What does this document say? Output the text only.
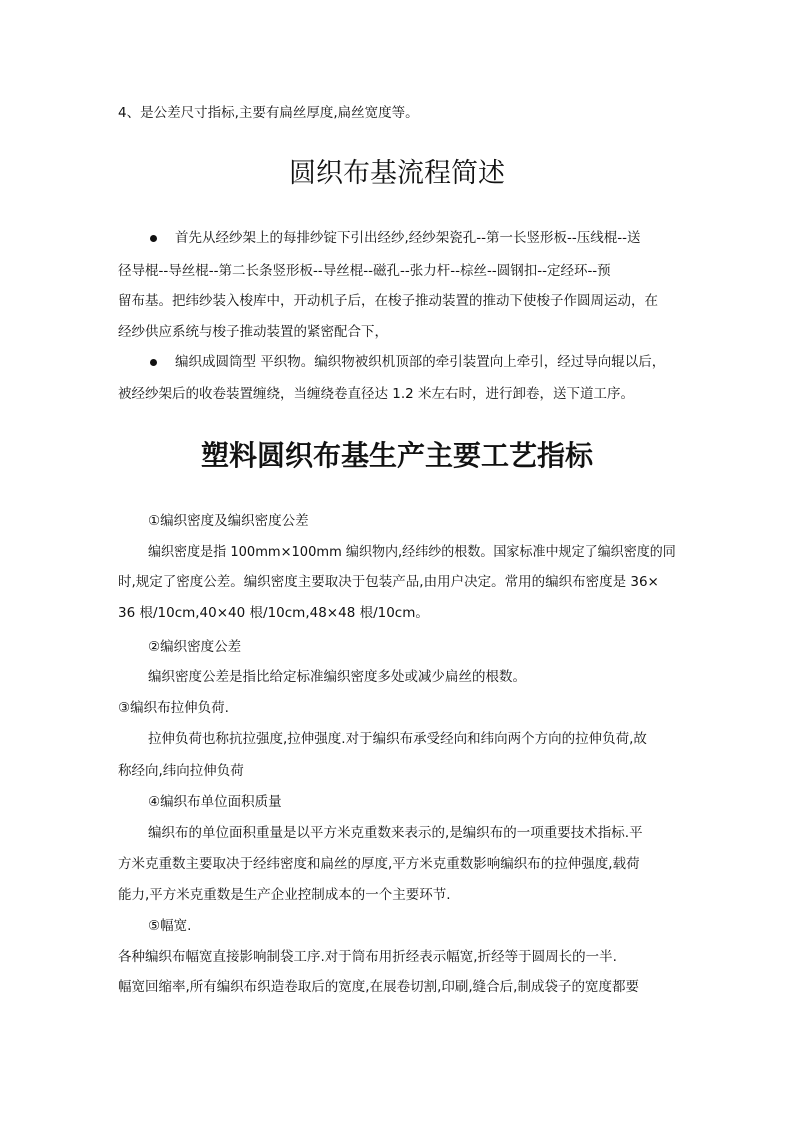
4、是公差尺寸指标,主要有扁丝厚度,扁丝宽度等。
圆织布基流程简述
首先从经纱架上的每排纱锭下引出经纱,经纱架瓷孔--第一长竖形板--压线棍--送
径导棍--导丝棍--第二长条竖形板--导丝棍--磁孔--张力杆--棕丝--圆钢扣--定经环--预
留布基。把纬纱装入梭库中，开动机子后，在梭子推动装置的推动下使梭子作圆周运动，在
经纱供应系统与梭子推动装置的紧密配合下，
编织成圆筒型 平织物。编织物被织机顶部的牵引装置向上牵引，经过导向辊以后，
被经纱架后的收卷装置缠绕，当缠绕卷直径达 1.2 米左右时，进行卸卷，送下道工序。
塑料圆织布基生产主要工艺指标
①编织密度及编织密度公差
编织密度是指 100mm×100mm 编织物内,经纬纱的根数。国家标准中规定了编织密度的同
时,规定了密度公差。编织密度主要取决于包装产品,由用户决定。常用的编织布密度是 36×
36 根/10cm,40×40 根/10cm,48×48 根/10cm。
②编织密度公差
编织密度公差是指比给定标准编织密度多处或减少扁丝的根数。
③编织布拉伸负荷.
拉伸负荷也称抗拉强度,拉伸强度.对于编织布承受经向和纬向两个方向的拉伸负荷,故
称经向,纬向拉伸负荷
④编织布单位面积质量
编织布的单位面积重量是以平方米克重数来表示的,是编织布的一项重要技术指标.平
方米克重数主要取决于经纬密度和扁丝的厚度,平方米克重数影响编织布的拉伸强度,载荷
能力,平方米克重数是生产企业控制成本的一个主要环节.
⑤幅宽.
各种编织布幅宽直接影响制袋工序.对于筒布用折经表示幅宽,折经等于圆周长的一半.
幅宽回缩率,所有编织布织造卷取后的宽度,在展卷切割,印刷,缝合后,制成袋子的宽度都要
